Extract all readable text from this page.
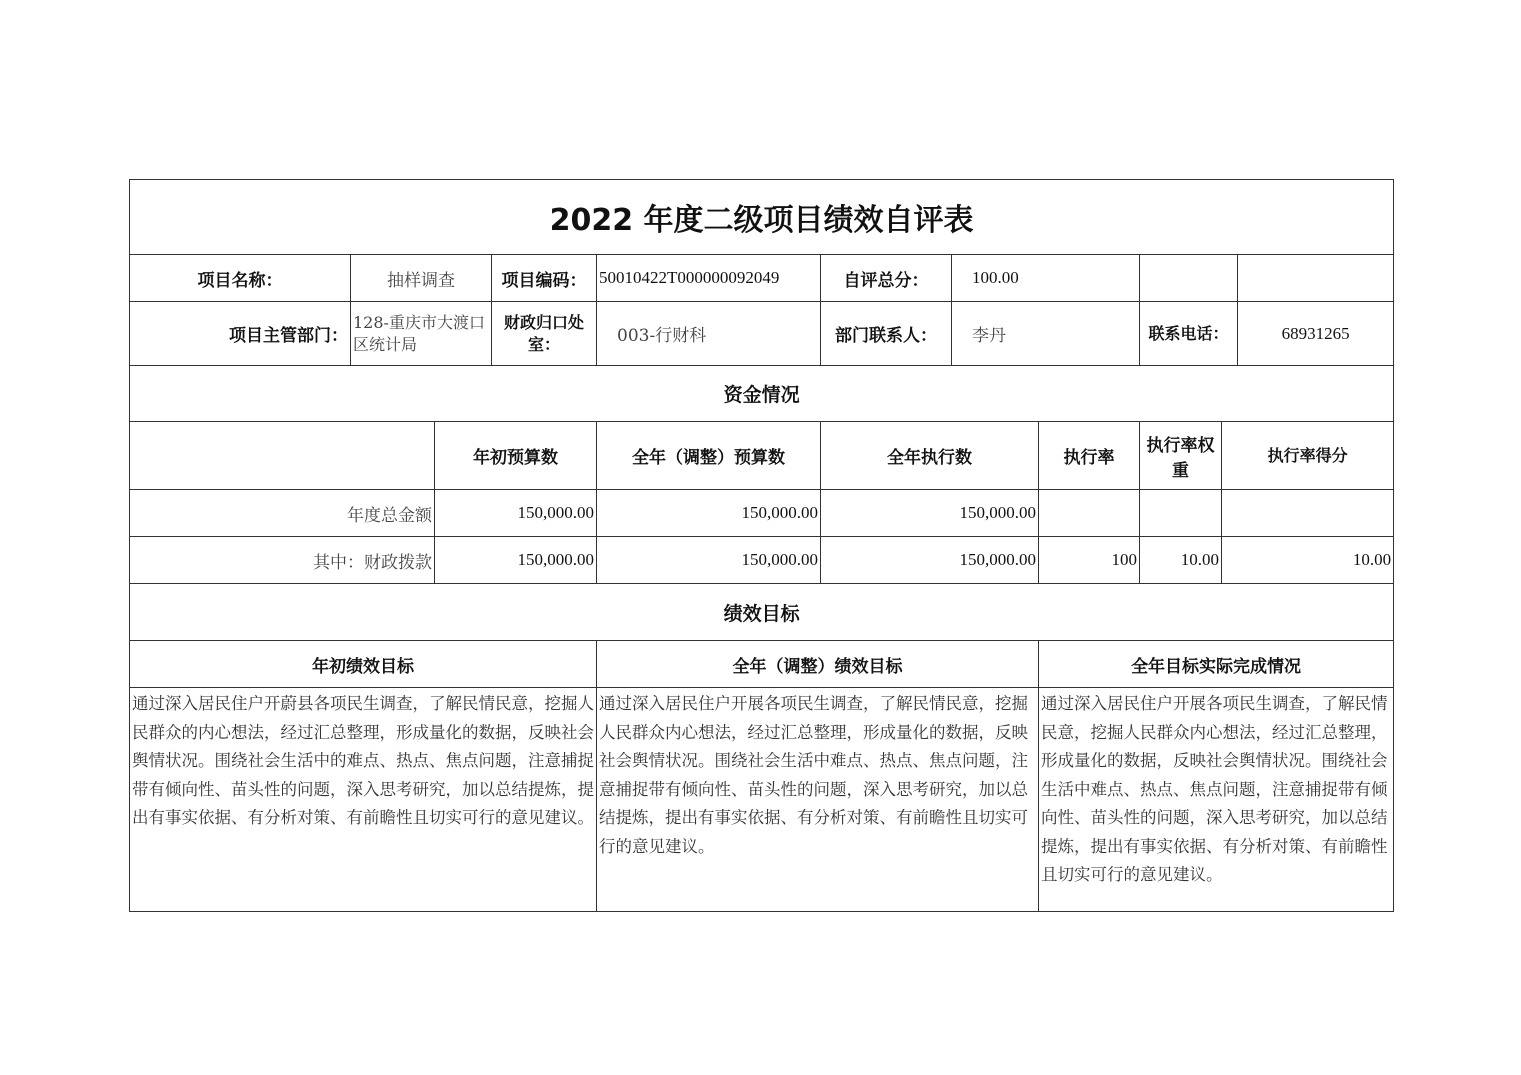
2022 年度二级项目绩效自评表										
项目名称：	抽样调查		项目编码：	50010422T000000092049	自评总分：	100.00				
项目主管部门：	128-重庆市大渡口区统计局		财政归口处室：	003-行财科	部门联系人：	李丹		联系电话：		68931265
资金情况										
		年初预算数		全年（调整）预算数	全年执行数		执行率	执行率权重	执行率得分	
年度总金额		150,000.00		150,000.00	150,000.00					
其中：财政拨款		150,000.00		150,000.00	150,000.00		100	10.00	10.00	
绩效目标										
年初绩效目标				全年（调整）绩效目标			全年目标实际完成情况			
通过深入居民住户开蔚县各项民生调查，了解民情民意，挖掘人民群众的内心想法，经过汇总整理，形成量化的数据，反映社会舆情状况。围绕社会生活中的难点、热点、焦点问题，注意捕捉带有倾向性、苗头性的问题，深入思考研究，加以总结提炼，提出有事实依据、有分析对策、有前瞻性且切实可行的意见建议。				通过深入居民住户开展各项民生调查，了解民情民意，挖掘人民群众内心想法，经过汇总整理，形成量化的数据，反映社会舆情状况。围绕社会生活中难点、热点、焦点问题，注意捕捉带有倾向性、苗头性的问题，深入思考研究，加以总结提炼，提出有事实依据、有分析对策、有前瞻性且切实可行的意见建议。			通过深入居民住户开展各项民生调查，了解民情民意，挖掘人民群众内心想法，经过汇总整理，形成量化的数据，反映社会舆情状况。围绕社会生活中难点、热点、焦点问题，注意捕捉带有倾向性、苗头性的问题，深入思考研究，加以总结提炼，提出有事实依据、有分析对策、有前瞻性且切实可行的意见建议。			
